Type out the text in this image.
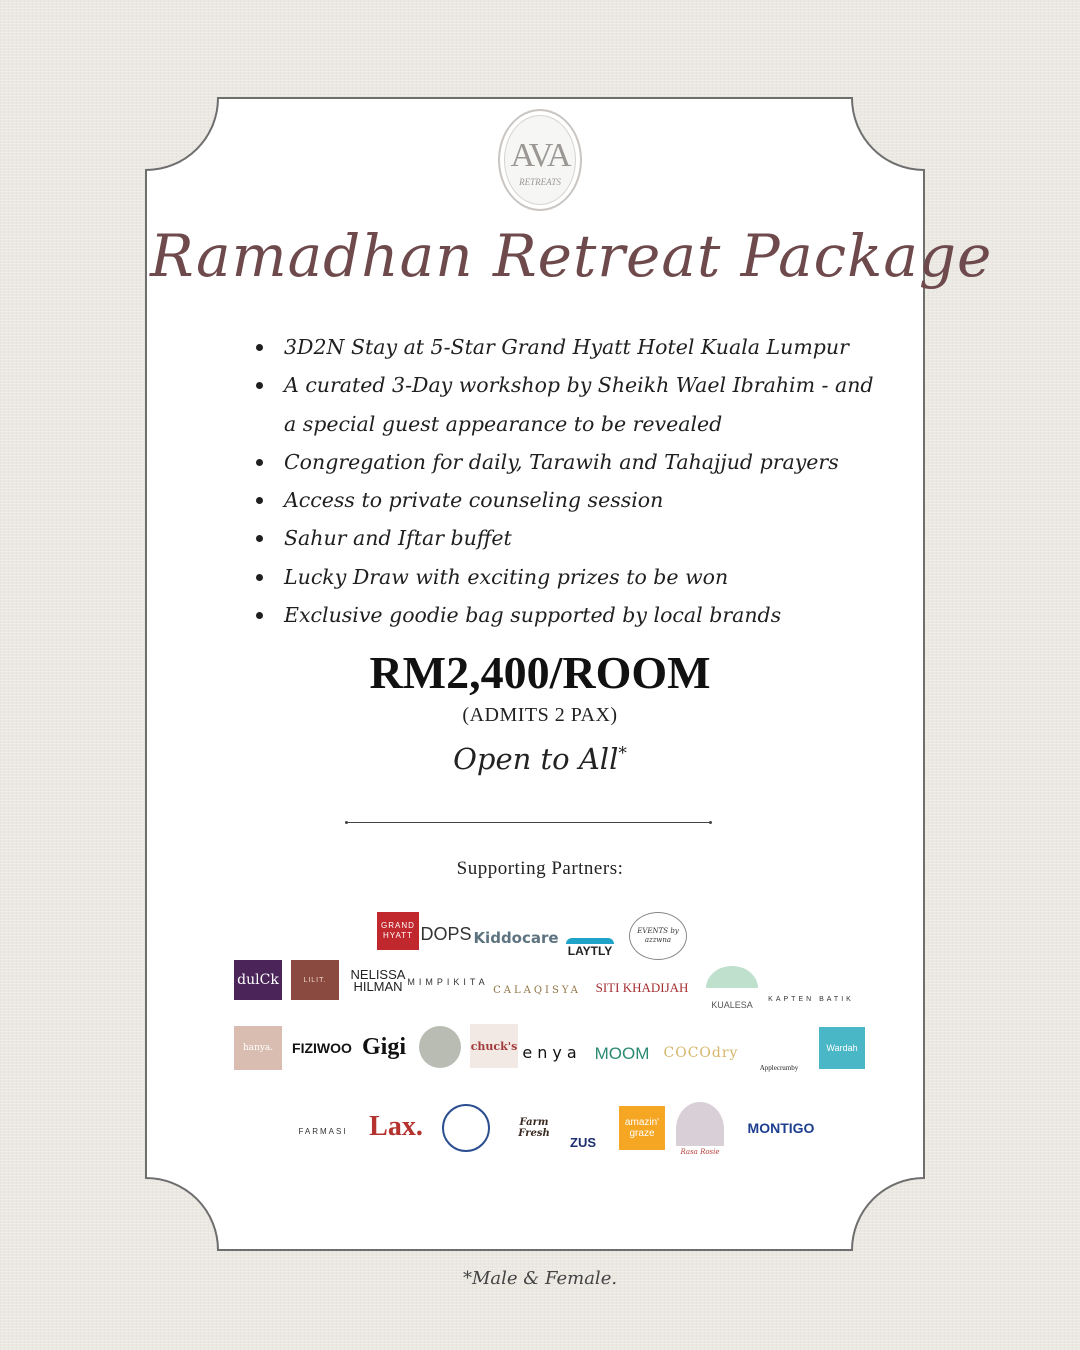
AVA
RETREATS
Ramadhan Retreat Package
3D2N Stay at 5-Star Grand Hyatt Hotel Kuala Lumpur
A curated 3-Day workshop by Sheikh Wael Ibrahim - and a special guest appearance to be revealed
Congregation for daily, Tarawih and Tahajjud prayers
Access to private counseling session
Sahur and Iftar buffet
Lucky Draw with exciting prizes to be won
Exclusive goodie bag supported by local brands
RM2,400/ROOM
(ADMITS 2 PAX)
Open to All*
Supporting Partners:
GRAND HYATT DOPS Kiddocare
LAYTLY
EVENTS by azzwna
dulCk	LILIT.	NELISSA HILMAN MIMPIKITA
CALAQISYA	SITI KHADIJAH
KUALESA
KAPTEN BATIK
hanya.	FIZIWOO Gigi	chuck's enya MOOM	COCOdry
Applecrumby
Wardah
FARMASI Lax.	Farm Fresh
ZUS
amazin' graze
Rasa Rosie
MONTIGO
*Male & Female.
